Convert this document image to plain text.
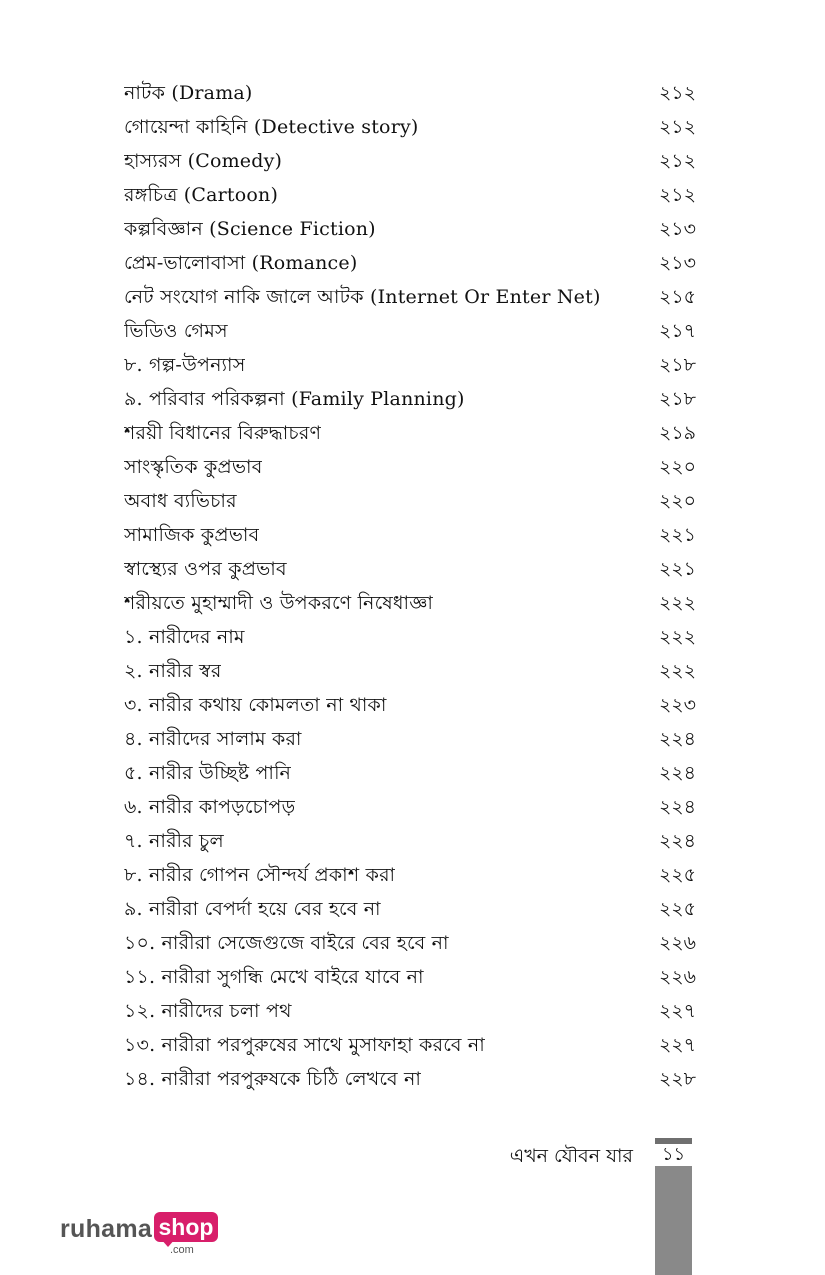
নাটক (Drama)	২১২
গোয়েন্দা কাহিনি (Detective story)	২১২
হাস্যরস (Comedy)	২১২
রঙ্গচিত্র (Cartoon)	২১২
কল্পবিজ্ঞান (Science Fiction)	২১৩
প্রেম-ভালোবাসা (Romance)	২১৩
নেট সংযোগ নাকি জালে আটক (Internet Or Enter Net)	২১৫
ভিডিও গেমস	২১৭
৮. গল্প-উপন্যাস	২১৮
৯. পরিবার পরিকল্পনা (Family Planning)	২১৮
শরয়ী বিধানের বিরুদ্ধাচরণ	২১৯
সাংস্কৃতিক কুপ্রভাব	২২০
অবাধ ব্যভিচার	২২০
সামাজিক কুপ্রভাব	২২১
স্বাস্থ্যের ওপর কুপ্রভাব	২২১
শরীয়তে মুহাম্মাদী ও উপকরণে নিষেধাজ্ঞা	২২২
১. নারীদের নাম	২২২
২. নারীর স্বর	২২২
৩. নারীর কথায় কোমলতা না থাকা	২২৩
৪. নারীদের সালাম করা	২২৪
৫. নারীর উচ্ছিষ্ট পানি	২২৪
৬. নারীর কাপড়চোপড়	২২৪
৭. নারীর চুল	২২৪
৮. নারীর গোপন সৌন্দর্য প্রকাশ করা	২২৫
৯. নারীরা বেপর্দা হয়ে বের হবে না	২২৫
১০. নারীরা সেজেগুজে বাইরে বের হবে না	২২৬
১১. নারীরা সুগন্ধি মেখে বাইরে যাবে না	২২৬
১২. নারীদের চলা পথ	২২৭
১৩. নারীরা পরপুরুষের সাথে মুসাফাহা করবে না	২২৭
১৪. নারীরা পরপুরুষকে চিঠি লেখবে না	২২৮
এখন যৌবন যার	১১
ruhama shop
.com
